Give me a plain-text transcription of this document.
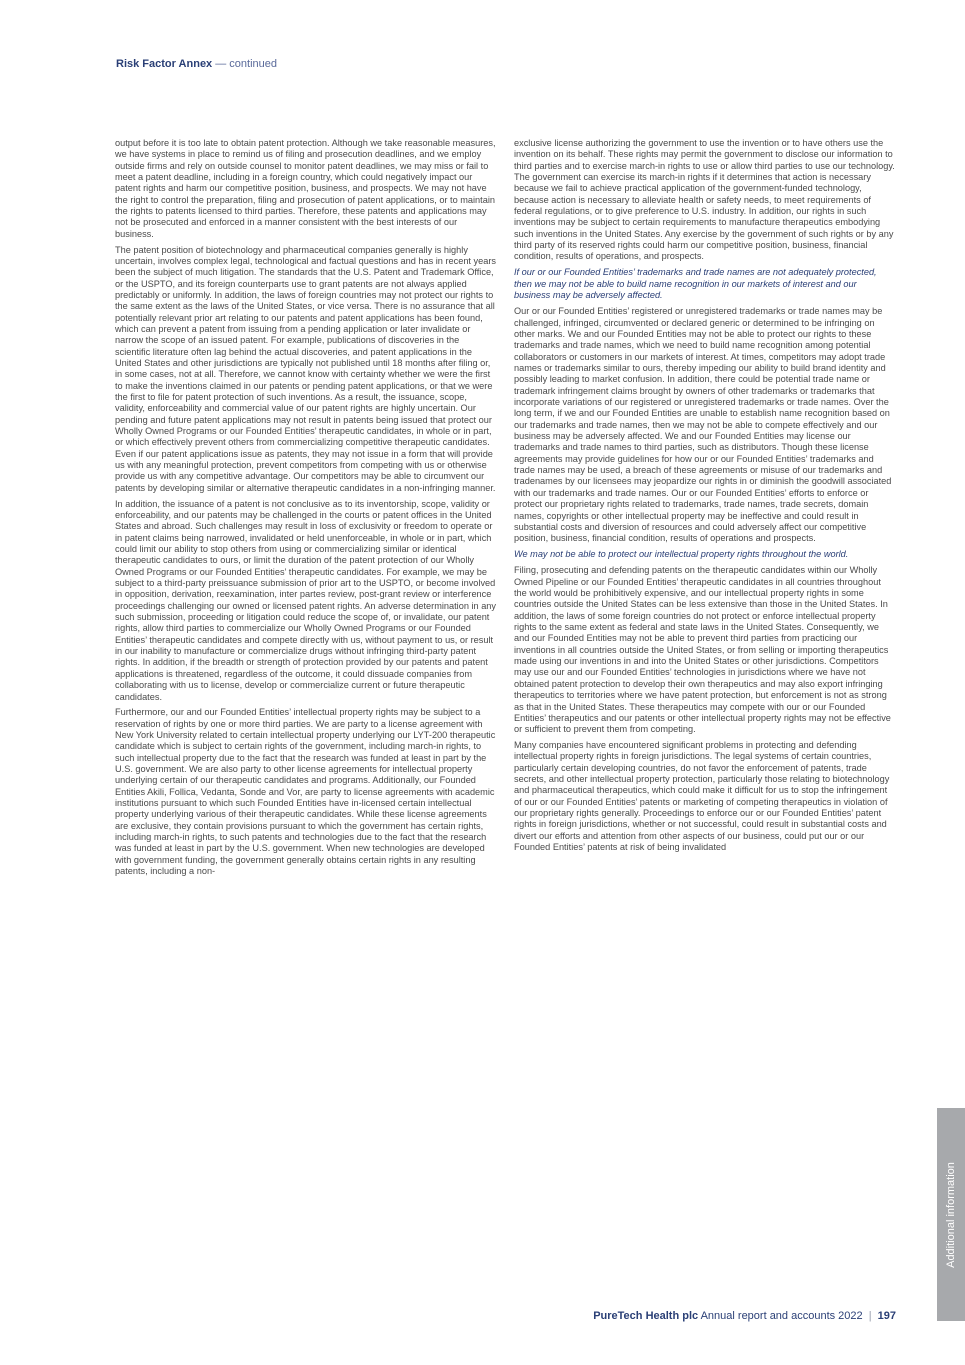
Risk Factor Annex — continued

output before it is too late to obtain patent protection. Although we take reasonable measures, we have systems in place to remind us of filing and prosecution deadlines, and we employ outside firms and rely on outside counsel to monitor patent deadlines, we may miss or fail to meet a patent deadline, including in a foreign country, which could negatively impact our patent rights and harm our competitive position, business, and prospects. We may not have the right to control the preparation, filing and prosecution of patent applications, or to maintain the rights to patents licensed to third parties. Therefore, these patents and applications may not be prosecuted and enforced in a manner consistent with the best interests of our business.

The patent position of biotechnology and pharmaceutical companies generally is highly uncertain, involves complex legal, technological and factual questions and has in recent years been the subject of much litigation. The standards that the U.S. Patent and Trademark Office, or the USPTO, and its foreign counterparts use to grant patents are not always applied predictably or uniformly. In addition, the laws of foreign countries may not protect our rights to the same extent as the laws of the United States, or vice versa. There is no assurance that all potentially relevant prior art relating to our patents and patent applications has been found, which can prevent a patent from issuing from a pending application or later invalidate or narrow the scope of an issued patent. For example, publications of discoveries in the scientific literature often lag behind the actual discoveries, and patent applications in the United States and other jurisdictions are typically not published until 18 months after filing or, in some cases, not at all. Therefore, we cannot know with certainty whether we were the first to make the inventions claimed in our patents or pending patent applications, or that we were the first to file for patent protection of such inventions. As a result, the issuance, scope, validity, enforceability and commercial value of our patent rights are highly uncertain. Our pending and future patent applications may not result in patents being issued that protect our Wholly Owned Programs or our Founded Entities’ therapeutic candidates, in whole or in part, or which effectively prevent others from commercializing competitive therapeutic candidates. Even if our patent applications issue as patents, they may not issue in a form that will provide us with any meaningful protection, prevent competitors from competing with us or otherwise provide us with any competitive advantage. Our competitors may be able to circumvent our patents by developing similar or alternative therapeutic candidates in a non-infringing manner.

In addition, the issuance of a patent is not conclusive as to its inventorship, scope, validity or enforceability, and our patents may be challenged in the courts or patent offices in the United States and abroad. Such challenges may result in loss of exclusivity or freedom to operate or in patent claims being narrowed, invalidated or held unenforceable, in whole or in part, which could limit our ability to stop others from using or commercializing similar or identical therapeutic candidates to ours, or limit the duration of the patent protection of our Wholly Owned Programs or our Founded Entities’ therapeutic candidates. For example, we may be subject to a third-party preissuance submission of prior art to the USPTO, or become involved in opposition, derivation, reexamination, inter partes review, post-grant review or interference proceedings challenging our owned or licensed patent rights. An adverse determination in any such submission, proceeding or litigation could reduce the scope of, or invalidate, our patent rights, allow third parties to commercialize our Wholly Owned Programs or our Founded Entities’ therapeutic candidates and compete directly with us, without payment to us, or result in our inability to manufacture or commercialize drugs without infringing third-party patent rights. In addition, if the breadth or strength of protection provided by our patents and patent applications is threatened, regardless of the outcome, it could dissuade companies from collaborating with us to license, develop or commercialize current or future therapeutic candidates.

Furthermore, our and our Founded Entities’ intellectual property rights may be subject to a reservation of rights by one or more third parties. We are party to a license agreement with New York University related to certain intellectual property underlying our LYT-200 therapeutic candidate which is subject to certain rights of the government, including march-in rights, to such intellectual property due to the fact that the research was funded at least in part by the U.S. government. We are also party to other license agreements for intellectual property underlying certain of our therapeutic candidates and programs. Additionally, our Founded Entities Akili, Follica, Vedanta, Sonde and Vor, are party to license agreements with academic institutions pursuant to which such Founded Entities have in-licensed certain intellectual property underlying various of their therapeutic candidates. While these license agreements are exclusive, they contain provisions pursuant to which the government has certain rights, including march-in rights, to such patents and technologies due to the fact that the research was funded at least in part by the U.S. government. When new technologies are developed with government funding, the government generally obtains certain rights in any resulting patents, including a non-

exclusive license authorizing the government to use the invention or to have others use the invention on its behalf. These rights may permit the government to disclose our information to third parties and to exercise march-in rights to use or allow third parties to use our technology. The government can exercise its march-in rights if it determines that action is necessary because we fail to achieve practical application of the government-funded technology, because action is necessary to alleviate health or safety needs, to meet requirements of federal regulations, or to give preference to U.S. industry. In addition, our rights in such inventions may be subject to certain requirements to manufacture therapeutics embodying such inventions in the United States. Any exercise by the government of such rights or by any third party of its reserved rights could harm our competitive position, business, financial condition, results of operations, and prospects.

If our or our Founded Entities’ trademarks and trade names are not adequately protected, then we may not be able to build name recognition in our markets of interest and our business may be adversely affected.

Our or our Founded Entities’ registered or unregistered trademarks or trade names may be challenged, infringed, circumvented or declared generic or determined to be infringing on other marks. We and our Founded Entities may not be able to protect our rights to these trademarks and trade names, which we need to build name recognition among potential collaborators or customers in our markets of interest. At times, competitors may adopt trade names or trademarks similar to ours, thereby impeding our ability to build brand identity and possibly leading to market confusion. In addition, there could be potential trade name or trademark infringement claims brought by owners of other trademarks or trademarks that incorporate variations of our registered or unregistered trademarks or trade names. Over the long term, if we and our Founded Entities are unable to establish name recognition based on our trademarks and trade names, then we may not be able to compete effectively and our business may be adversely affected. We and our Founded Entities may license our trademarks and trade names to third parties, such as distributors. Though these license agreements may provide guidelines for how our or our Founded Entities’ trademarks and trade names may be used, a breach of these agreements or misuse of our trademarks and tradenames by our licensees may jeopardize our rights in or diminish the goodwill associated with our trademarks and trade names. Our or our Founded Entities’ efforts to enforce or protect our proprietary rights related to trademarks, trade names, trade secrets, domain names, copyrights or other intellectual property may be ineffective and could result in substantial costs and diversion of resources and could adversely affect our competitive position, business, financial condition, results of operations and prospects.

We may not be able to protect our intellectual property rights throughout the world.

Filing, prosecuting and defending patents on the therapeutic candidates within our Wholly Owned Pipeline or our Founded Entities’ therapeutic candidates in all countries throughout the world would be prohibitively expensive, and our intellectual property rights in some countries outside the United States can be less extensive than those in the United States. In addition, the laws of some foreign countries do not protect or enforce intellectual property rights to the same extent as federal and state laws in the United States. Consequently, we and our Founded Entities may not be able to prevent third parties from practicing our inventions in all countries outside the United States, or from selling or importing therapeutics made using our inventions in and into the United States or other jurisdictions. Competitors may use our and our Founded Entities’ technologies in jurisdictions where we have not obtained patent protection to develop their own therapeutics and may also export infringing therapeutics to territories where we have patent protection, but enforcement is not as strong as that in the United States. These therapeutics may compete with our or our Founded Entities’ therapeutics and our patents or other intellectual property rights may not be effective or sufficient to prevent them from competing.

Many companies have encountered significant problems in protecting and defending intellectual property rights in foreign jurisdictions. The legal systems of certain countries, particularly certain developing countries, do not favor the enforcement of patents, trade secrets, and other intellectual property protection, particularly those relating to biotechnology and pharmaceutical therapeutics, which could make it difficult for us to stop the infringement of our or our Founded Entities’ patents or marketing of competing therapeutics in violation of our proprietary rights generally. Proceedings to enforce our or our Founded Entities’ patent rights in foreign jurisdictions, whether or not successful, could result in substantial costs and divert our efforts and attention from other aspects of our business, could put our or our Founded Entities’ patents at risk of being invalidated

PureTech Health plc Annual report and accounts 2022 | 197
Additional information
